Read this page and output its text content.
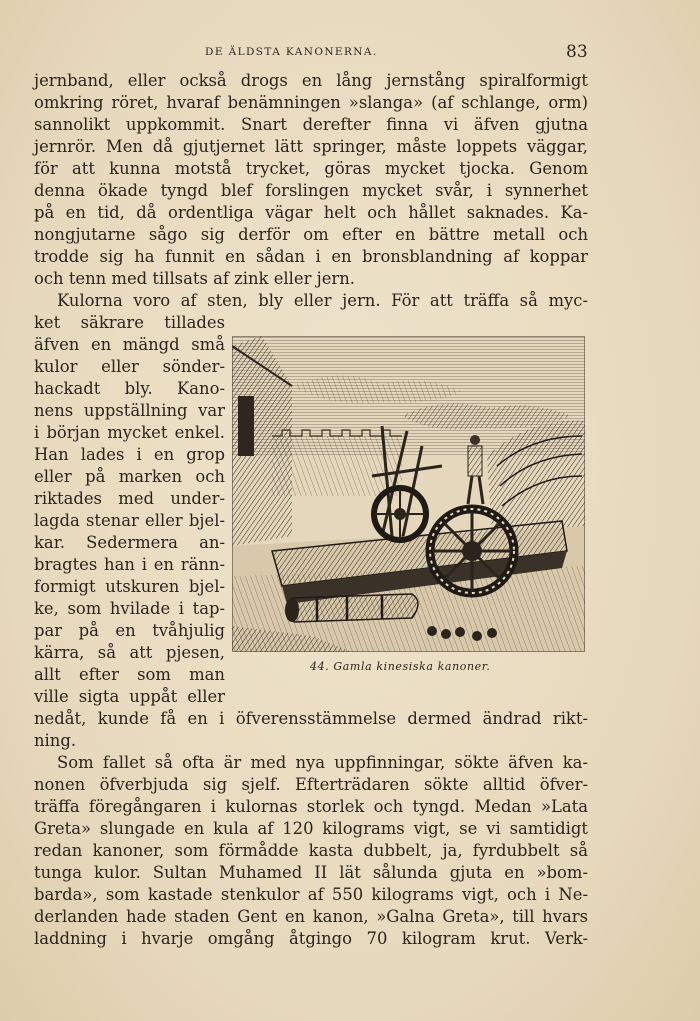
DE ÄLDSTA KANONERNA.	83
jernband, eller också drogs en lång jernstång spiralformigt
omkring röret, hvaraf benämningen »slanga» (af schlange, orm)
sannolikt uppkommit. Snart derefter finna vi äfven gjutna
jernrör. Men då gjutjernet lätt springer, måste loppets väggar,
för att kunna motstå trycket, göras mycket tjocka. Genom
denna ökade tyngd blef forslingen mycket svår, i synnerhet
på en tid, då ordentliga vägar helt och hållet saknades. Ka-
nongjutarne sågo sig derför om efter en bättre metall och
trodde sig ha funnit en sådan i en bronsblandning af koppar
och tenn med tillsats af zink eller jern.
Kulorna voro af sten, bly eller jern. För att träffa så myc-
ket säkrare tillades
äfven en mängd små
kulor eller sönder-
hackadt bly. Kano-
nens uppställning var
i början mycket enkel.
Han lades i en grop
eller på marken och
riktades med under-
lagda stenar eller bjel-
kar. Sedermera an-
bragtes han i en ränn-
formigt utskuren bjel-
ke, som hvilade i tap-
par på en tvåhjulig
kärra, så att pjesen,
allt efter som man
ville sigta uppåt eller
nedåt, kunde få en i öfverensstämmelse dermed ändrad rikt-
ning.
Som fallet så ofta är med nya uppfinningar, sökte äfven ka-
nonen öfverbjuda sig sjelf. Efterträdaren sökte alltid öfver-
träffa föregångaren i kulornas storlek och tyngd. Medan »Lata
Greta» slungade en kula af 120 kilograms vigt, se vi samtidigt
redan kanoner, som förmådde kasta dubbelt, ja, fyrdubbelt så
tunga kulor. Sultan Muhamed II lät sålunda gjuta en »bom-
barda», som kastade stenkulor af 550 kilograms vigt, och i Ne-
derlanden hade staden Gent en kanon, »Galna Greta», till hvars
laddning i hvarje omgång åtgingo 70 kilogram krut. Verk-
44. Gamla kinesiska kanoner.
